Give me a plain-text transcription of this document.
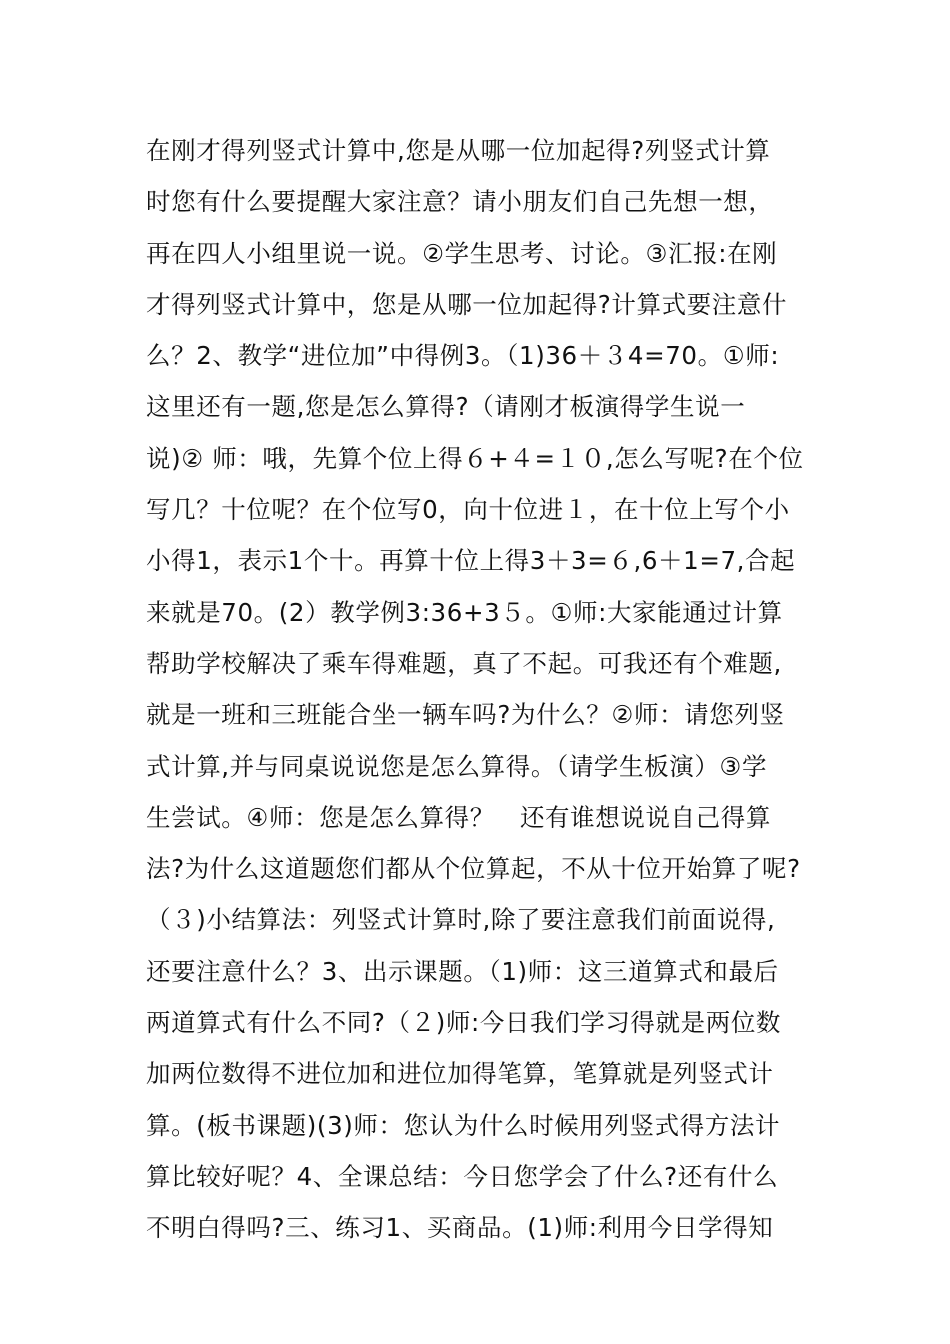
在刚才得列竖式计算中,您是从哪一位加起得?列竖式计算
时您有什么要提醒大家注意？请小朋友们自己先想一想，
再在四人小组里说一说。②学生思考、讨论。③汇报:在刚
才得列竖式计算中，您是从哪一位加起得?计算式要注意什
么？2、教学“进位加”中得例3。（1)36＋３4=70。①师:
这里还有一题,您是怎么算得?（请刚才板演得学生说一
说)② 师：哦，先算个位上得６+４=１０,怎么写呢?在个位
写几？十位呢？在个位写0，向十位进１，在十位上写个小
小得1，表示1个十。再算十位上得3＋3=６,6＋1=7,合起
来就是70。(2）教学例3:36+3５。①师:大家能通过计算
帮助学校解决了乘车得难题，真了不起。可我还有个难题,
就是一班和三班能合坐一辆车吗?为什么？②师：请您列竖
式计算,并与同桌说说您是怎么算得。（请学生板演）③学
生尝试。④师：您是怎么算得？　还有谁想说说自己得算
法?为什么这道题您们都从个位算起，不从十位开始算了呢?
（３)小结算法：列竖式计算时,除了要注意我们前面说得,
还要注意什么？3、出示课题。（1)师：这三道算式和最后
两道算式有什么不同?（２)师:今日我们学习得就是两位数
加两位数得不进位加和进位加得笔算，笔算就是列竖式计
算。(板书课题)(3)师：您认为什么时候用列竖式得方法计
算比较好呢？4、全课总结：今日您学会了什么?还有什么
不明白得吗?三、练习1、买商品。(1)师:利用今日学得知
